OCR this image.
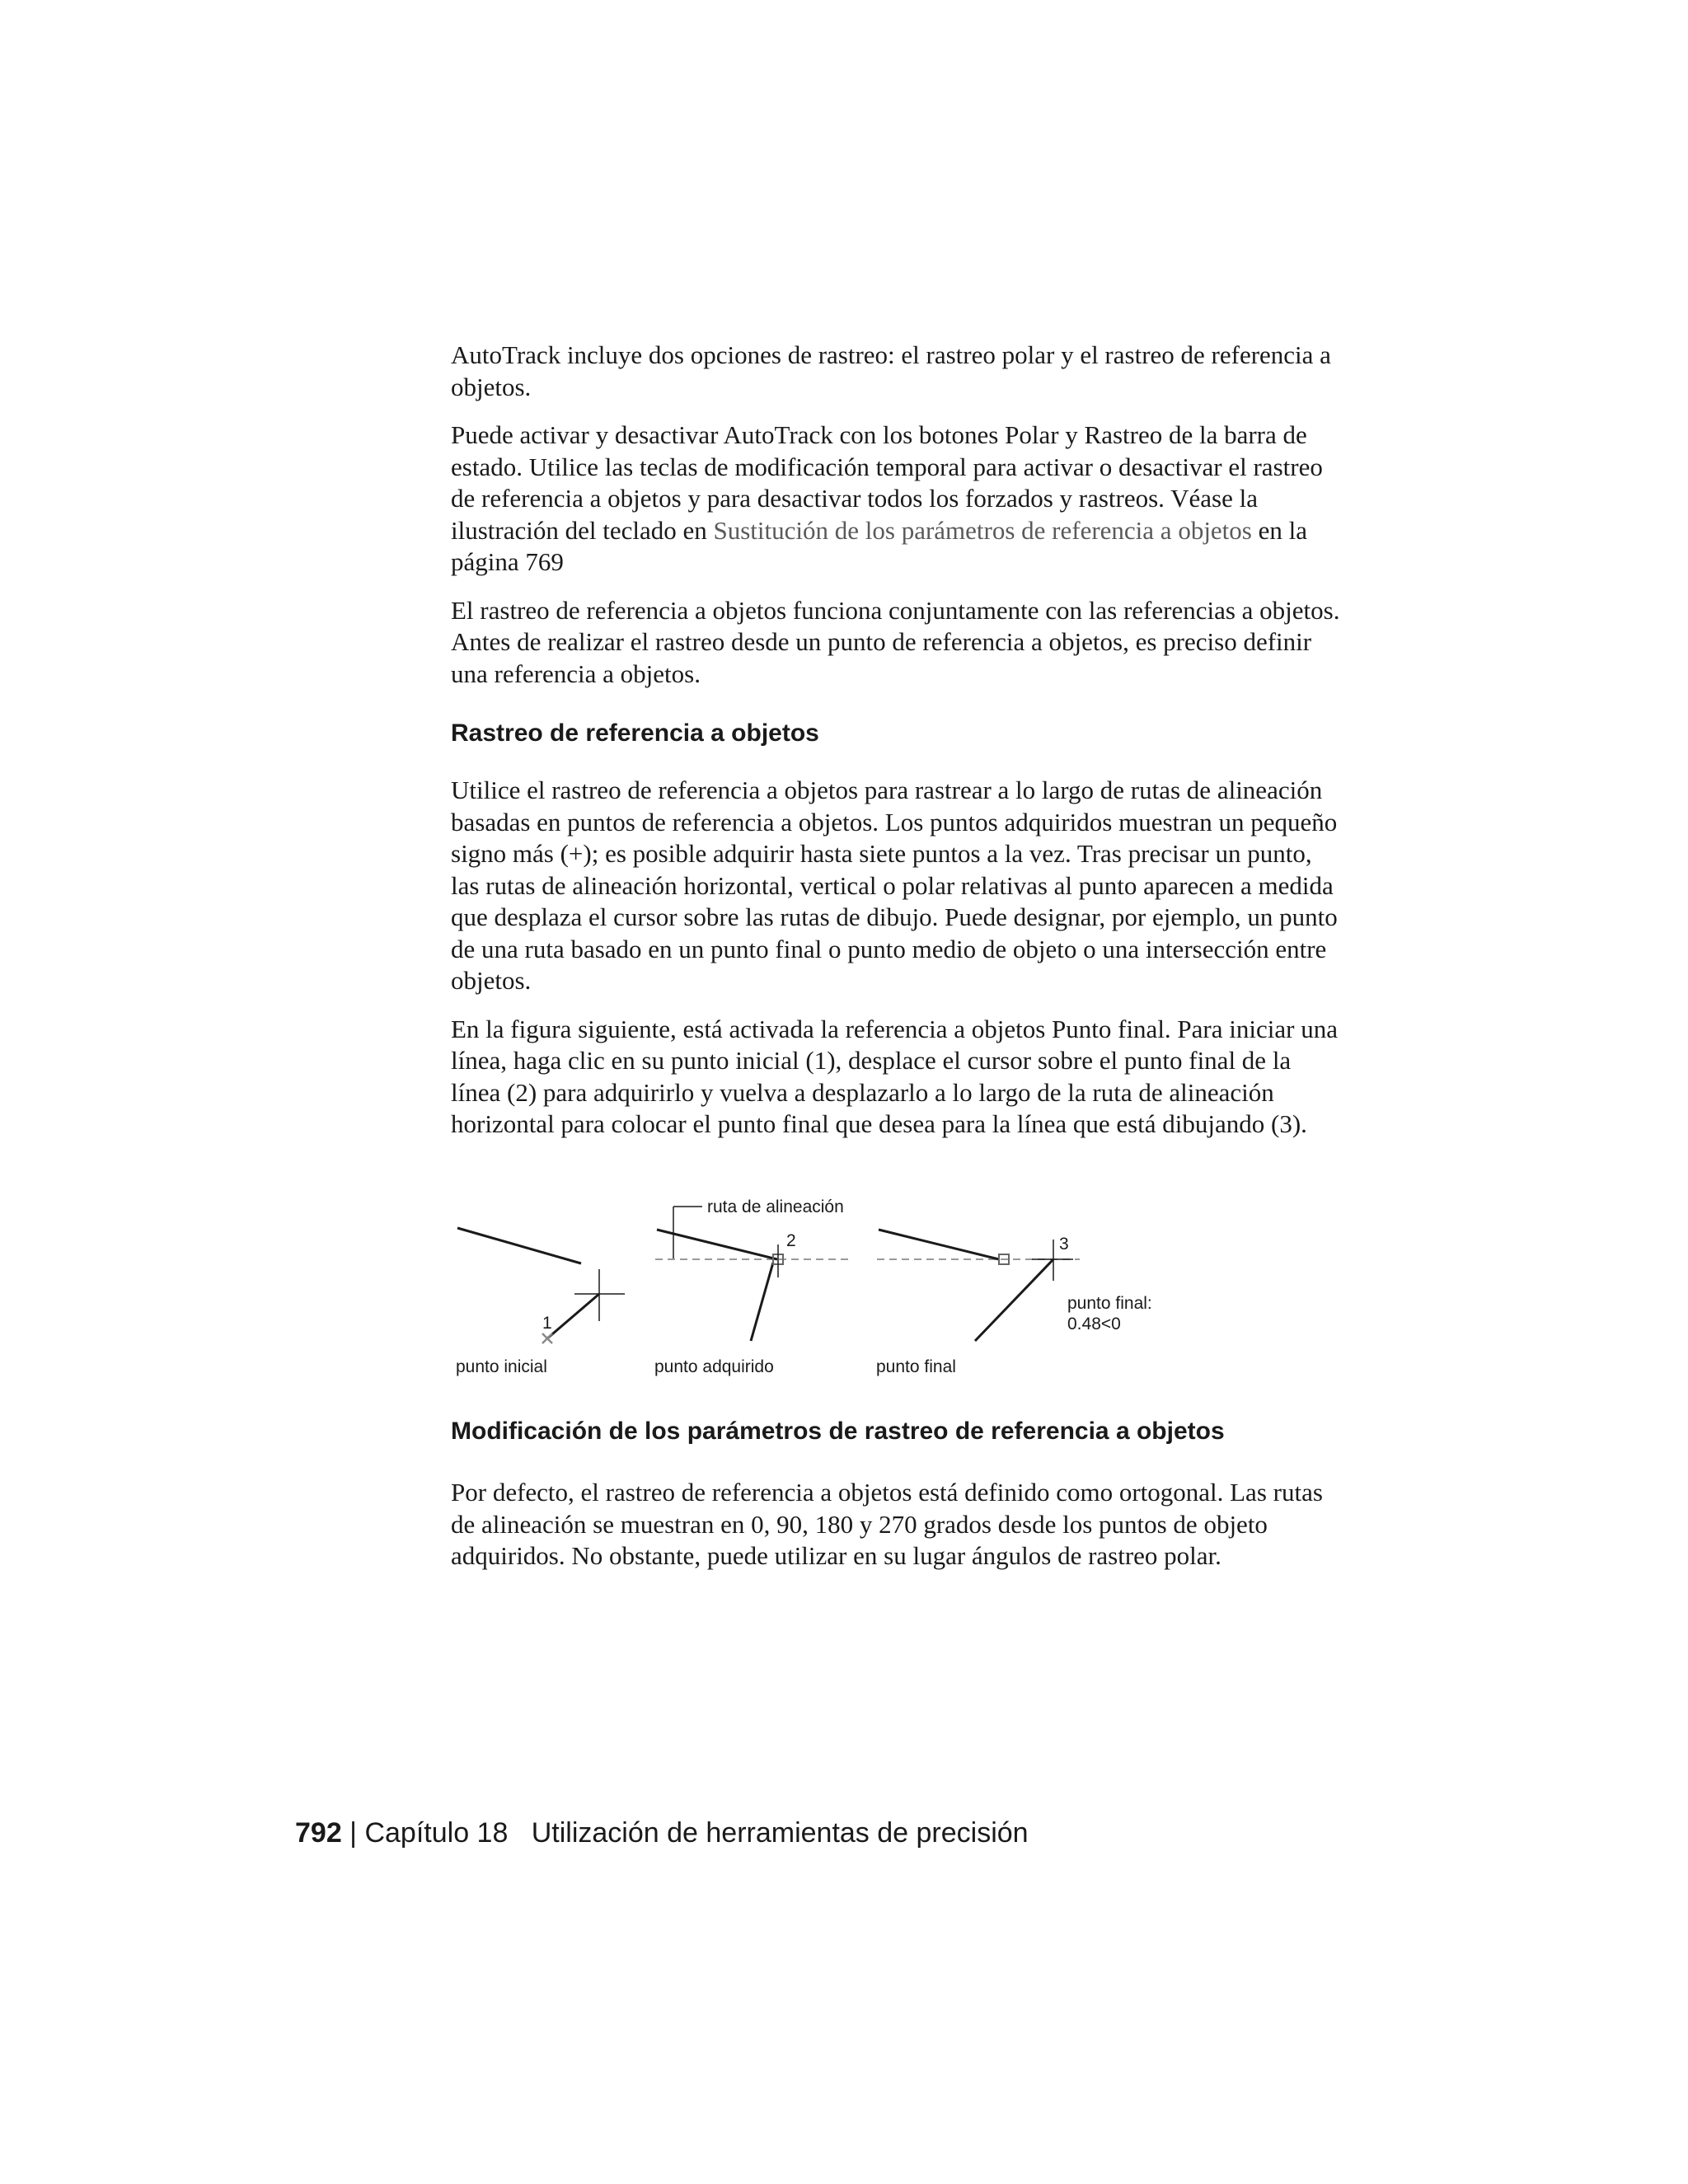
AutoTrack incluye dos opciones de rastreo: el rastreo polar y el rastreo de referencia a objetos.

Puede activar y desactivar AutoTrack con los botones Polar y Rastreo de la barra de estado. Utilice las teclas de modificación temporal para activar o desactivar el rastreo de referencia a objetos y para desactivar todos los forzados y rastreos. Véase la ilustración del teclado en Sustitución de los parámetros de referencia a objetos en la página 769

El rastreo de referencia a objetos funciona conjuntamente con las referencias a objetos. Antes de realizar el rastreo desde un punto de referencia a objetos, es preciso definir una referencia a objetos.

Rastreo de referencia a objetos

Utilice el rastreo de referencia a objetos para rastrear a lo largo de rutas de alineación basadas en puntos de referencia a objetos. Los puntos adquiridos muestran un pequeño signo más (+); es posible adquirir hasta siete puntos a la vez. Tras precisar un punto, las rutas de alineación horizontal, vertical o polar relativas al punto aparecen a medida que desplaza el cursor sobre las rutas de dibujo. Puede designar, por ejemplo, un punto de una ruta basado en un punto final o punto medio de objeto o una intersección entre objetos.

En la figura siguiente, está activada la referencia a objetos Punto final. Para iniciar una línea, haga clic en su punto inicial (1), desplace el cursor sobre el punto final de la línea (2) para adquirirlo y vuelva a desplazarlo a lo largo de la ruta de alineación horizontal para colocar el punto final que desea para la línea que está dibujando (3).

1
punto inicial
ruta de alineación
2
punto adquirido
3
punto final:
0.48<0
punto final
Modificación de los parámetros de rastreo de referencia a objetos

Por defecto, el rastreo de referencia a objetos está definido como ortogonal. Las rutas de alineación se muestran en 0, 90, 180 y 270 grados desde los puntos de objeto adquiridos. No obstante, puede utilizar en su lugar ángulos de rastreo polar.

792 | Capítulo 18 Utilización de herramientas de precisión
